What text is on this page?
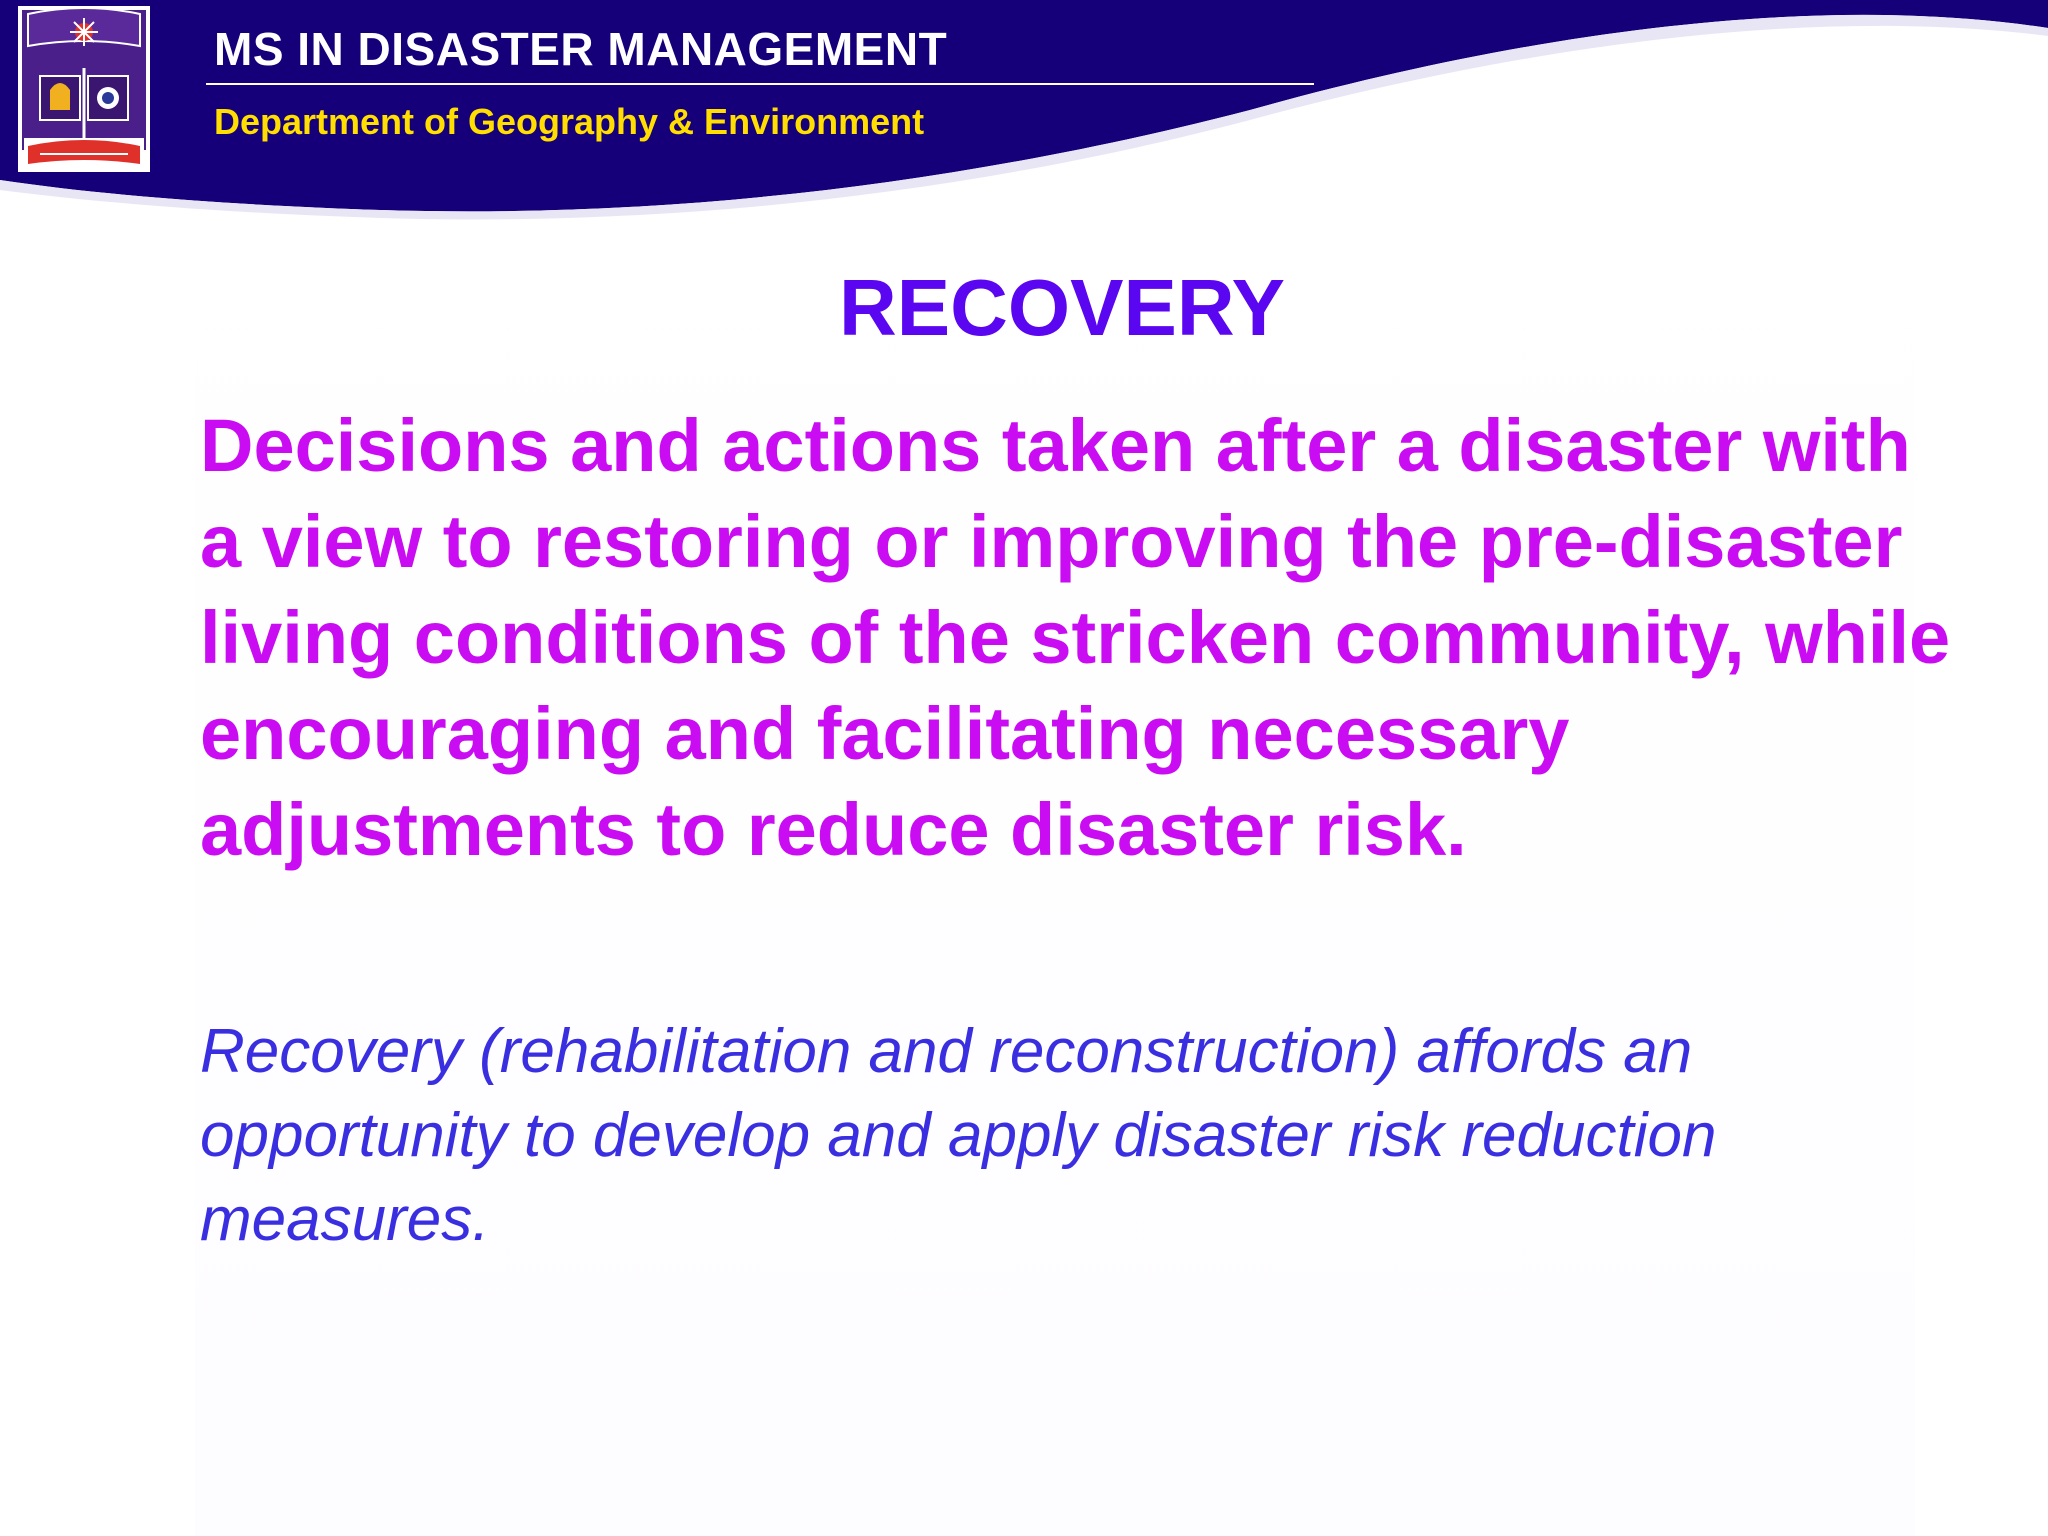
MS IN DISASTER MANAGEMENT
Department of Geography & Environment
RECOVERY

Decisions and actions taken after a disaster with a view to restoring or improving the pre-disaster living conditions of the stricken community, while encouraging and facilitating necessary adjustments to reduce disaster risk.

Recovery (rehabilitation and reconstruction) affords an opportunity to develop and apply disaster risk reduction measures.
